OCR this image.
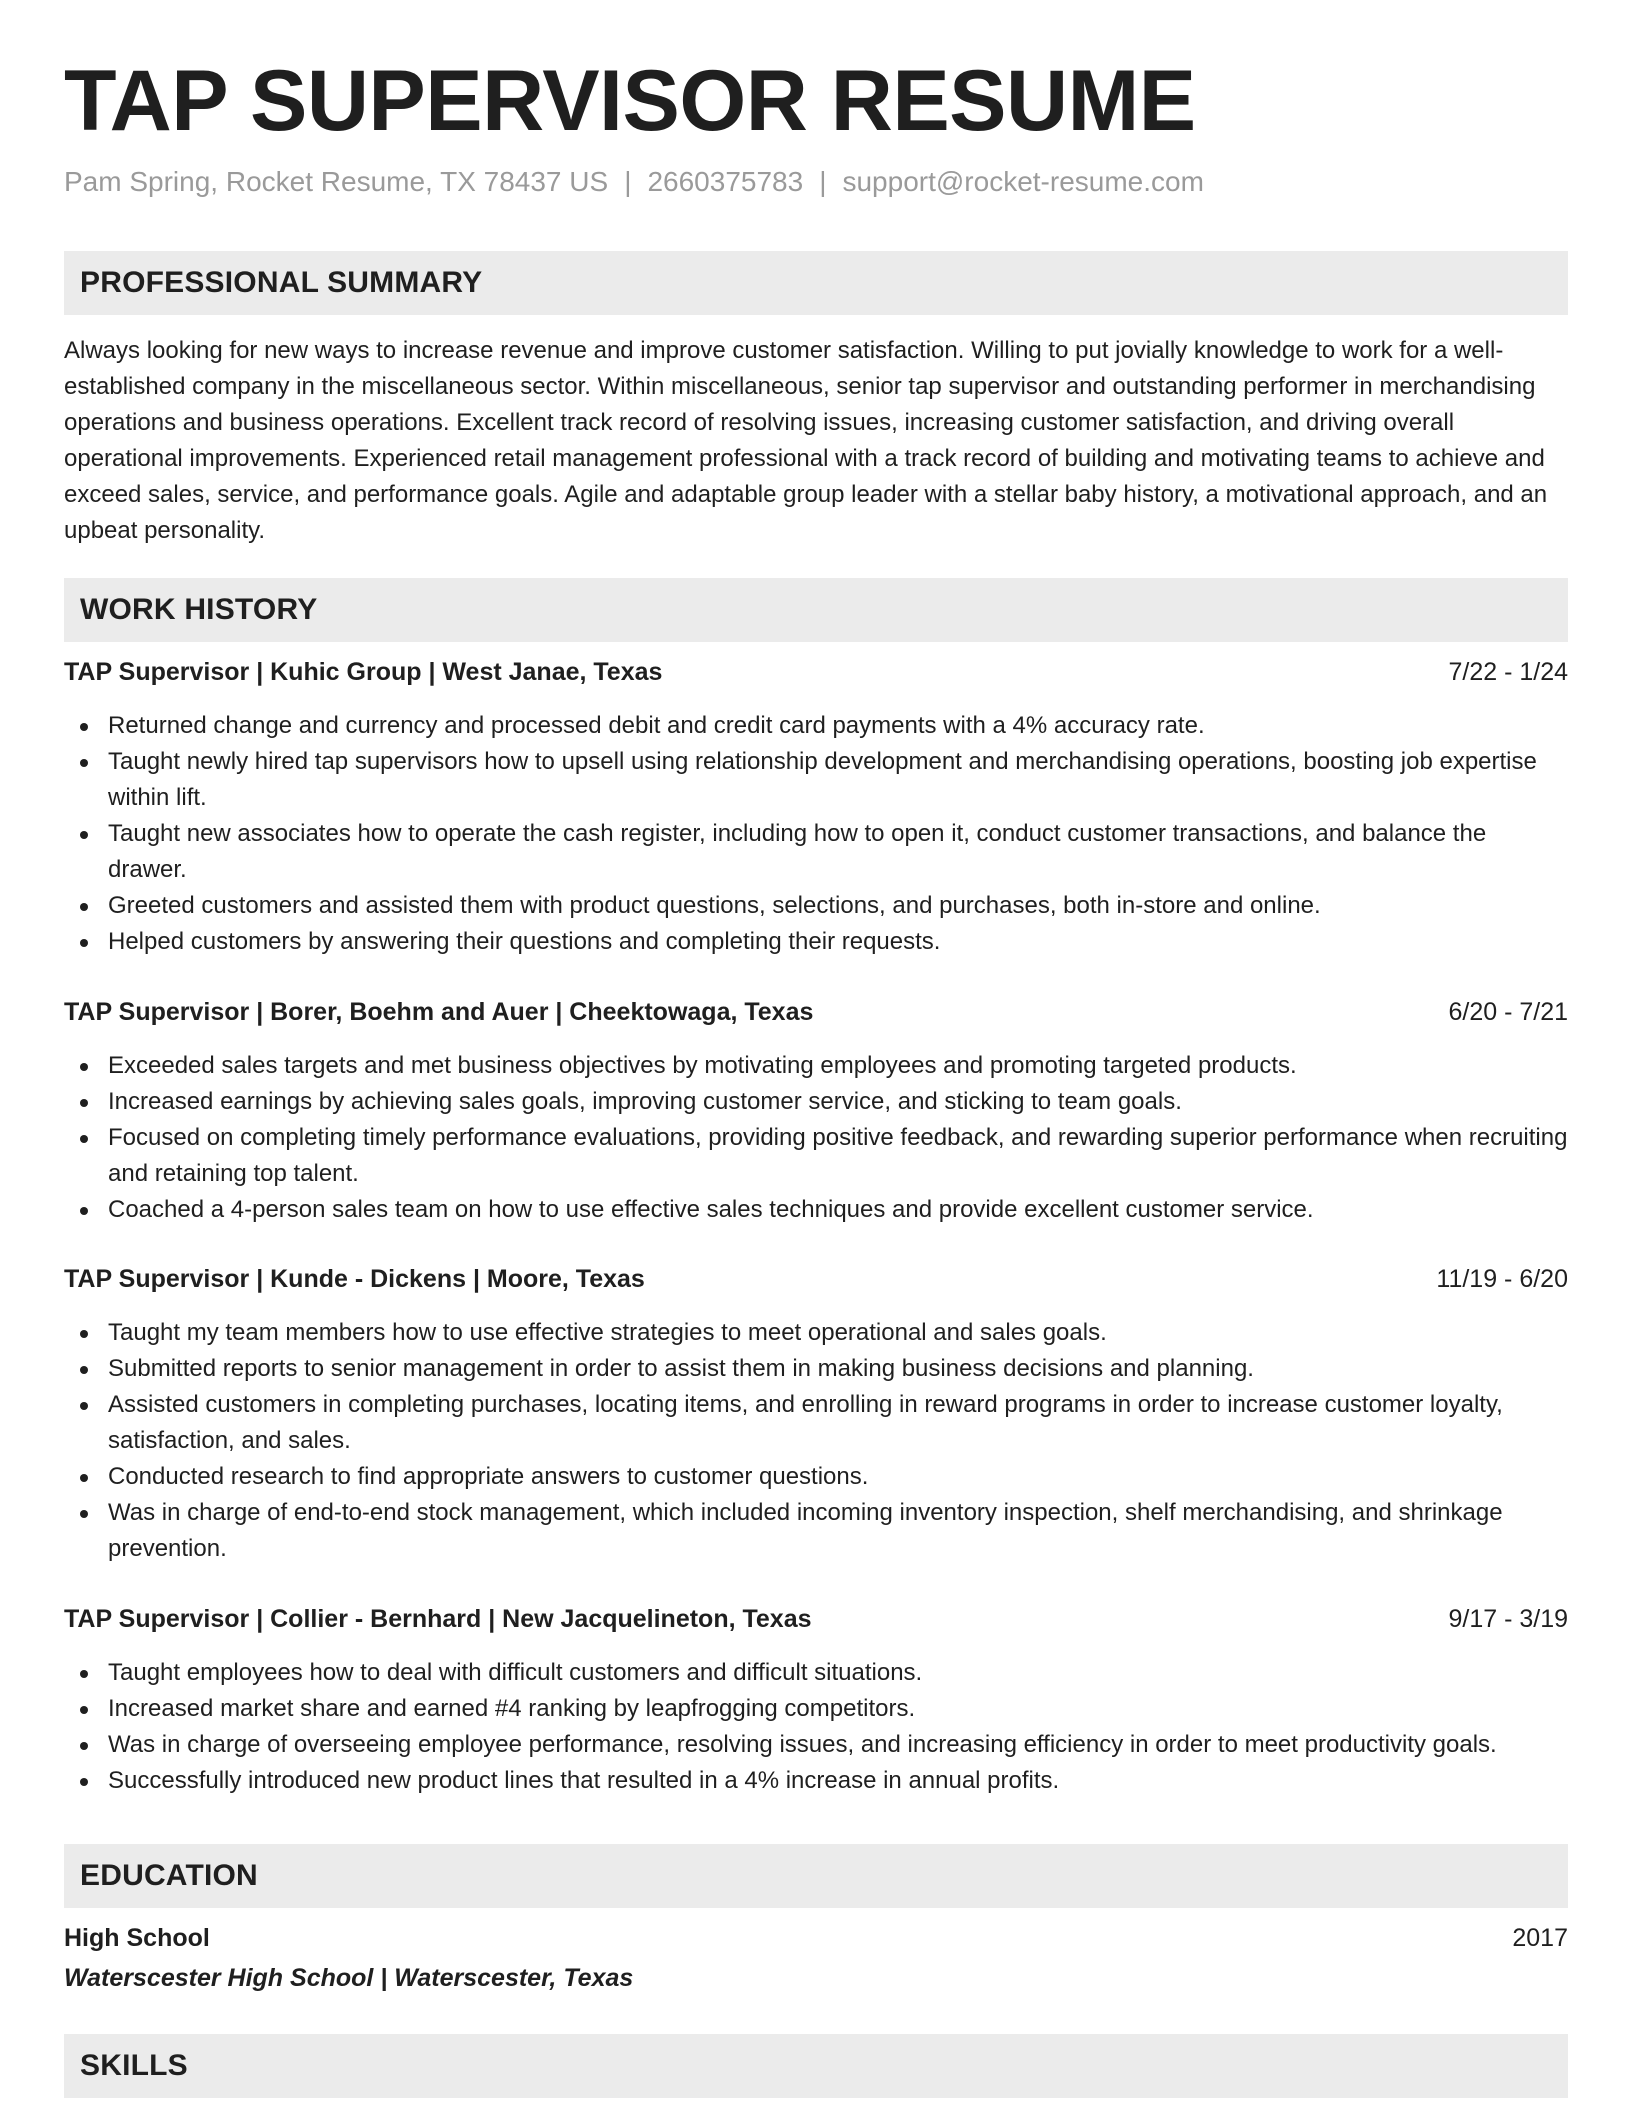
TAP SUPERVISOR RESUME
Pam Spring, Rocket Resume, TX 78437 US | 2660375783 | support@rocket-resume.com
PROFESSIONAL SUMMARY
Always looking for new ways to increase revenue and improve customer satisfaction. Willing to put jovially knowledge to work for a well-established company in the miscellaneous sector. Within miscellaneous, senior tap supervisor and outstanding performer in merchandising operations and business operations. Excellent track record of resolving issues, increasing customer satisfaction, and driving overall operational improvements. Experienced retail management professional with a track record of building and motivating teams to achieve and exceed sales, service, and performance goals. Agile and adaptable group leader with a stellar baby history, a motivational approach, and an upbeat personality.
WORK HISTORY
TAP Supervisor | Kuhic Group | West Janae, Texas	7/22 - 1/24
Returned change and currency and processed debit and credit card payments with a 4% accuracy rate.
Taught newly hired tap supervisors how to upsell using relationship development and merchandising operations, boosting job expertise within lift.
Taught new associates how to operate the cash register, including how to open it, conduct customer transactions, and balance the drawer.
Greeted customers and assisted them with product questions, selections, and purchases, both in-store and online.
Helped customers by answering their questions and completing their requests.
TAP Supervisor | Borer, Boehm and Auer | Cheektowaga, Texas	6/20 - 7/21
Exceeded sales targets and met business objectives by motivating employees and promoting targeted products.
Increased earnings by achieving sales goals, improving customer service, and sticking to team goals.
Focused on completing timely performance evaluations, providing positive feedback, and rewarding superior performance when recruiting and retaining top talent.
Coached a 4-person sales team on how to use effective sales techniques and provide excellent customer service.
TAP Supervisor | Kunde - Dickens | Moore, Texas	11/19 - 6/20
Taught my team members how to use effective strategies to meet operational and sales goals.
Submitted reports to senior management in order to assist them in making business decisions and planning.
Assisted customers in completing purchases, locating items, and enrolling in reward programs in order to increase customer loyalty, satisfaction, and sales.
Conducted research to find appropriate answers to customer questions.
Was in charge of end-to-end stock management, which included incoming inventory inspection, shelf merchandising, and shrinkage prevention.
TAP Supervisor | Collier - Bernhard | New Jacquelineton, Texas	9/17 - 3/19
Taught employees how to deal with difficult customers and difficult situations.
Increased market share and earned #4 ranking by leapfrogging competitors.
Was in charge of overseeing employee performance, resolving issues, and increasing efficiency in order to meet productivity goals.
Successfully introduced new product lines that resulted in a 4% increase in annual profits.
EDUCATION
High School	2017
Waterscester High School | Waterscester, Texas
SKILLS
